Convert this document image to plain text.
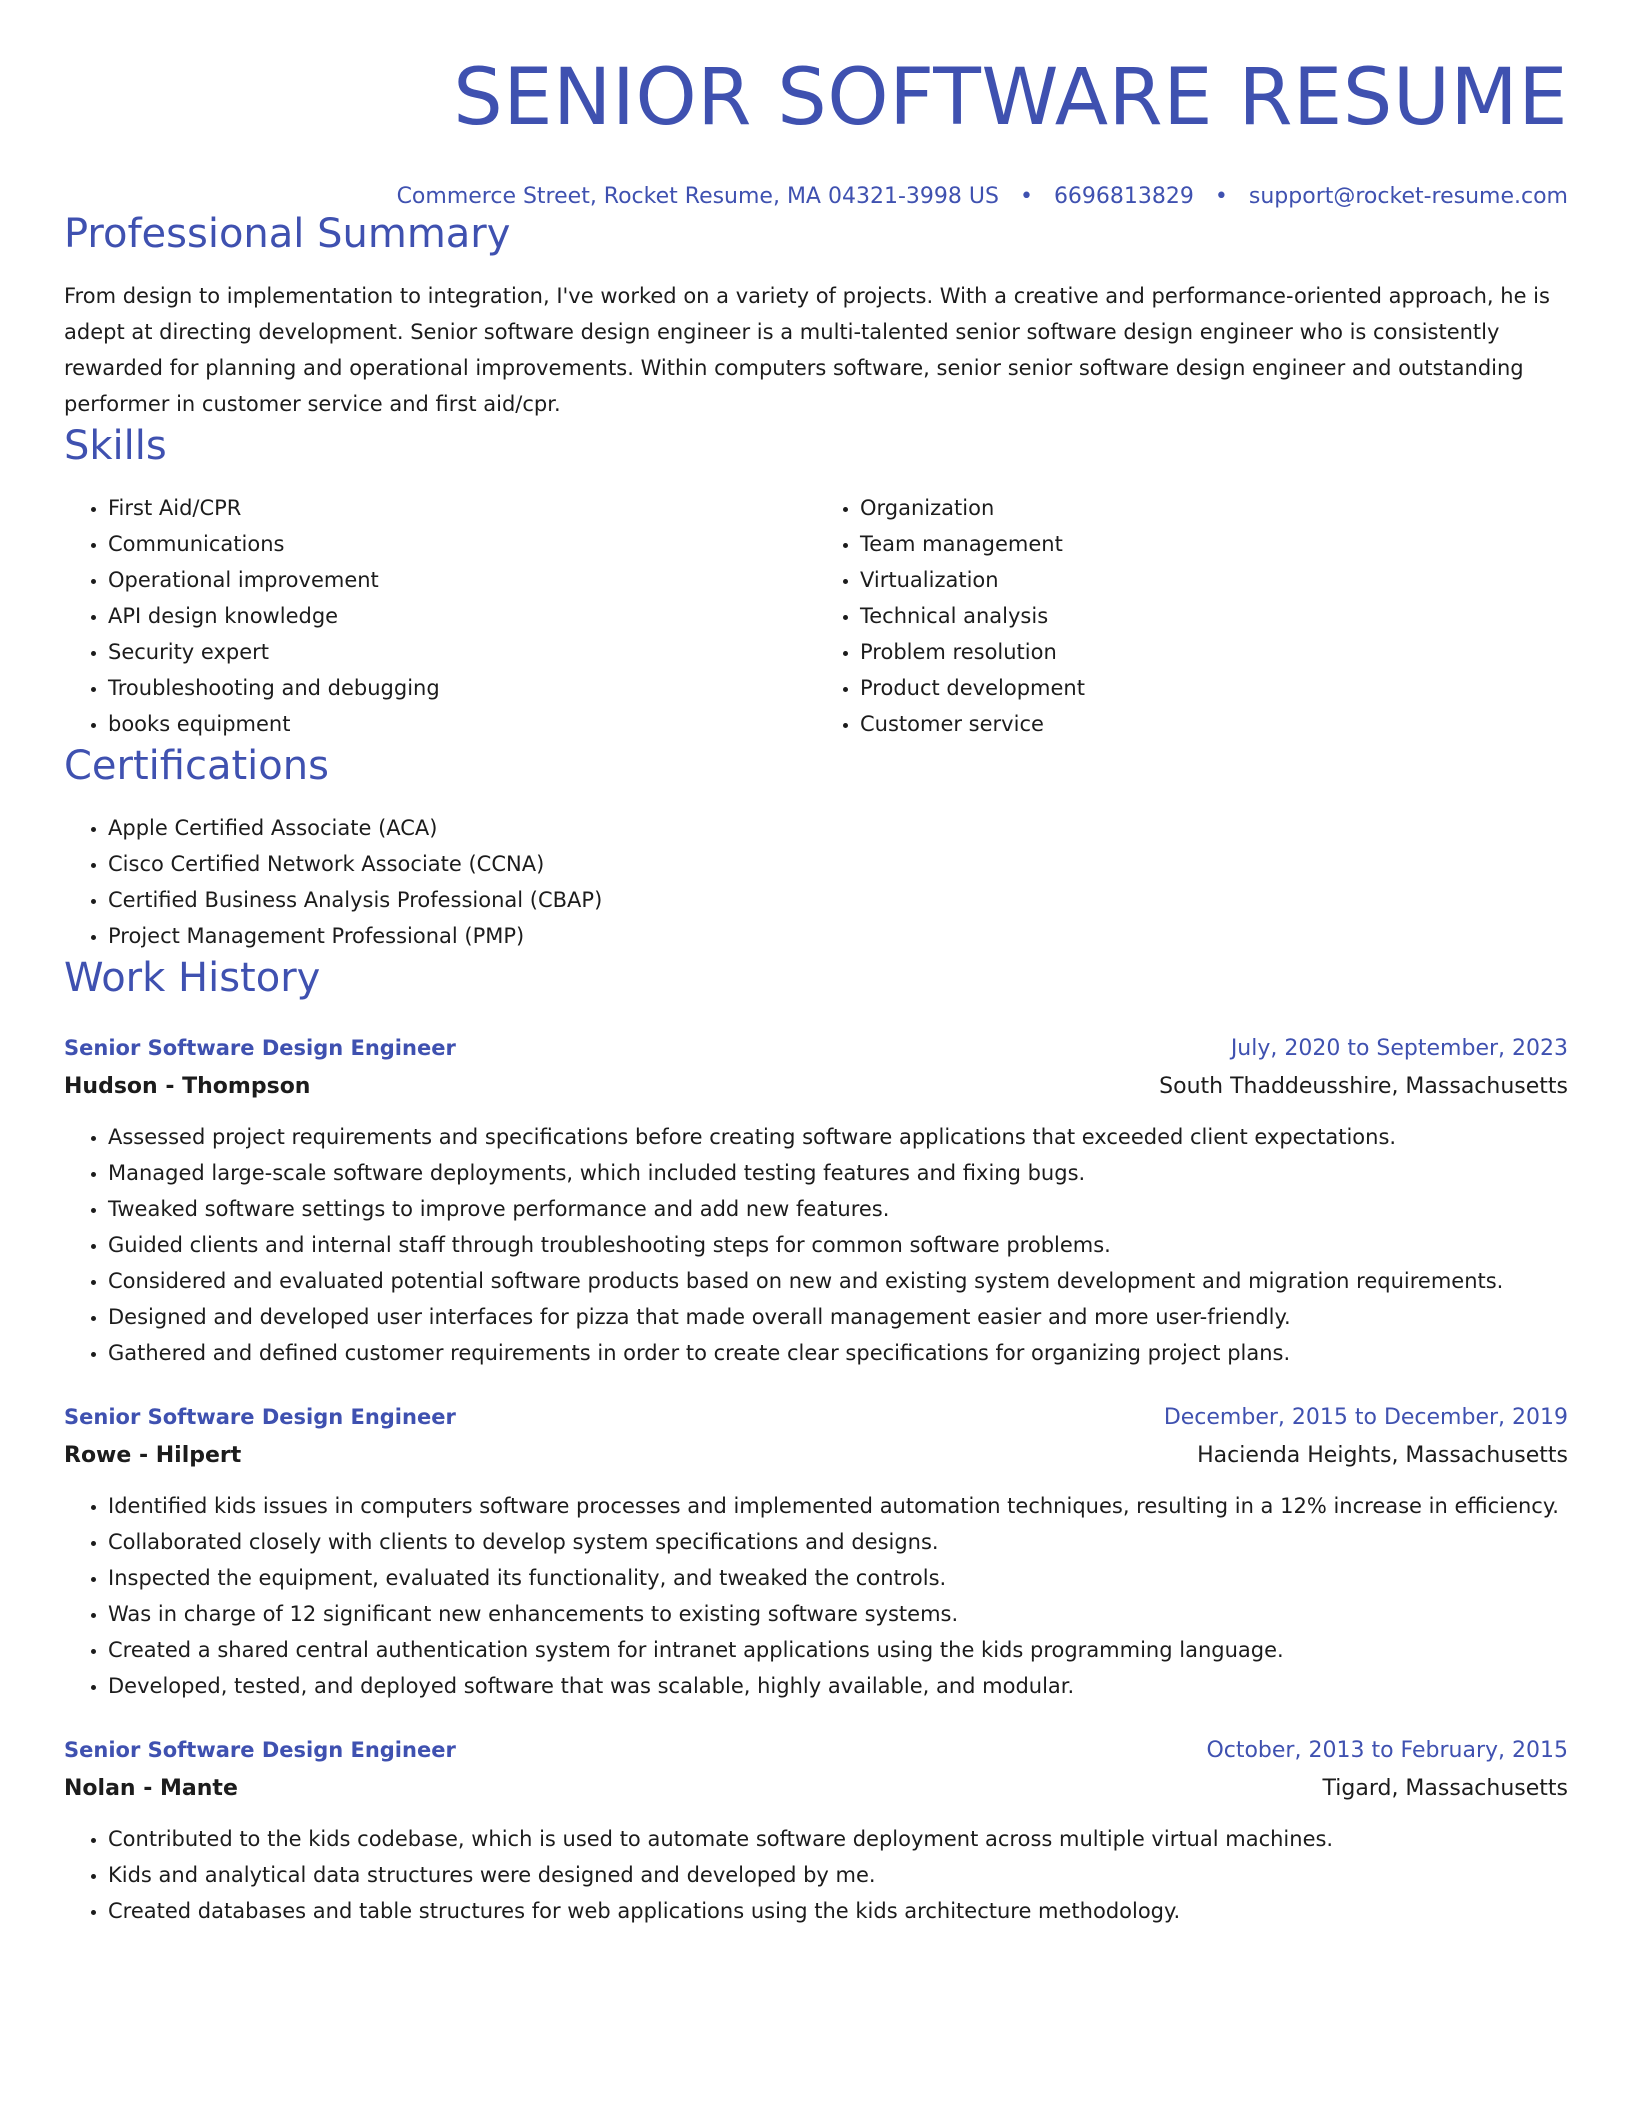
SENIOR SOFTWARE RESUME
Commerce Street, Rocket Resume, MA 04321-3998 US • 6696813829 • support@rocket-resume.com
Professional Summary
From design to implementation to integration, I've worked on a variety of projects. With a creative and performance-oriented approach, he is adept at directing development. Senior software design engineer is a multi-talented senior software design engineer who is consistently rewarded for planning and operational improvements. Within computers software, senior senior software design engineer and outstanding performer in customer service and first aid/cpr.
Skills
• First Aid/CPR
• Communications
• Operational improvement
• API design knowledge
• Security expert
• Troubleshooting and debugging
• books equipment
• Organization
• Team management
• Virtualization
• Technical analysis
• Problem resolution
• Product development
• Customer service
Certifications
• Apple Certified Associate (ACA)
• Cisco Certified Network Associate (CCNA)
• Certified Business Analysis Professional (CBAP)
• Project Management Professional (PMP)
Work History
Senior Software Design Engineer	July, 2020 to September, 2023
Hudson - Thompson	South Thaddeusshire, Massachusetts
• Assessed project requirements and specifications before creating software applications that exceeded client expectations.
• Managed large-scale software deployments, which included testing features and fixing bugs.
• Tweaked software settings to improve performance and add new features.
• Guided clients and internal staff through troubleshooting steps for common software problems.
• Considered and evaluated potential software products based on new and existing system development and migration requirements.
• Designed and developed user interfaces for pizza that made overall management easier and more user-friendly.
• Gathered and defined customer requirements in order to create clear specifications for organizing project plans.
Senior Software Design Engineer	December, 2015 to December, 2019
Rowe - Hilpert	Hacienda Heights, Massachusetts
• Identified kids issues in computers software processes and implemented automation techniques, resulting in a 12% increase in efficiency.
• Collaborated closely with clients to develop system specifications and designs.
• Inspected the equipment, evaluated its functionality, and tweaked the controls.
• Was in charge of 12 significant new enhancements to existing software systems.
• Created a shared central authentication system for intranet applications using the kids programming language.
• Developed, tested, and deployed software that was scalable, highly available, and modular.
Senior Software Design Engineer	October, 2013 to February, 2015
Nolan - Mante	Tigard, Massachusetts
• Contributed to the kids codebase, which is used to automate software deployment across multiple virtual machines.
• Kids and analytical data structures were designed and developed by me.
• Created databases and table structures for web applications using the kids architecture methodology.
